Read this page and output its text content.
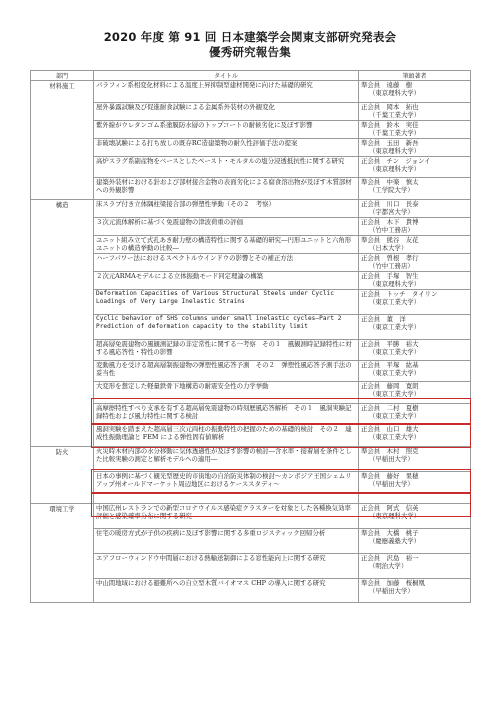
2020 年度 第 91 回 日本建築学会関東支部研究発表会
優秀研究報告集
部門	タイトル	筆頭著者
材料施工	パラフィン系相変化材料による温度上昇抑制型建材開発に向けた基礎的研究	準会員　遠藤　樹
（東京理科大学）

	屋外暴露試験及び促進耐食試験による金属系外装材の外観変化	正会員　岡本　拓也
（千葉工業大学）

	紫外線がウレタンゴム系塗膜防水層のトップコートの耐候劣化に及ぼす影響	準会員　鈴木　実佳
（千葉工業大学）

	非破壊試験による打ち放しの既存RC造建築物の耐久性評価手法の提案	準会員　玉田　新吾
（東京理科大学）

	高炉スラグ系副産物をベースとしたペースト・モルタルの塩分浸透抵抗性に関する研究	正会員　チン　ジョンイ
（東京理科大学）

	建築外装材における針および部材接合金物の表面劣化による腐食溶出物が及ぼす木質部材への外観影響	準会員　中楽　慎太
（工学院大学）

構造	床スラブ付き立体隅柱梁接合部の弾塑性挙動（その２　考察）	正会員　川口　長泰
（宇都宮大学）

	３次元流体解析に基づく免震建物の津波荷重の評価	正会員　木下　貴博
（竹中工務店）

	ユニット組み立て式孔あき耐力壁の構造特性に関する基礎的研究―円形ユニットと六角形ユニットの構造挙動の比較―	準会員　熊谷　友花
（日本大学）

	ハーフパワー法におけるスペクトルウインドウの影響とその補正方法	正会員　曽根　孝行
（竹中工務店）

	２次元ARMAモデルによる立体振動モード同定理論の構築	正会員　手塚　智生
（東京理科大学）

	Deformation Capacities of Various Structural Steels under Cyclic Loadings of Very Large Inelastic Strains	正会員　トッチ　タイリン
（東京工業大学）

	Cyclic behavior of SHS columns under small inelastic cycles—Part 2 Prediction of deformation capacity to the stability limit	正会員　董　洋
（東京工業大学）

	超高層免震建物の風観測記録の非定常性に関する一考察　その１　風観測時記録特性に対する風応答性・特性の影響	正会員　平勝　裕大
（東京工業大学）

	変動風力を受ける超高層制振建物の弾塑性風応答予測　その２　弾塑性風応答予測手法の妥当性	正会員　平塚　紘基
（東京工業大学）

	大変形を想定した軽量鉄骨下地構造の耐震安全性の力学挙動	正会員　藤岡　寛朗
（東京工業大学）

	高摩擦特性すべり支承を有する超高層免震建物の時刻歴風応答解析　その１　風洞実験記録特性および風力特性に関する検討	正会員　二村　夏樹
（東京工業大学）

	風洞実験を踏まえた超高層三次元両柱の振動特性の把握のための基礎的検討　その２　連成性振動理論と FEM による弾性固有値解析	正会員　山口　雄大
（東京工業大学）

防火	火災時木材内部の水分移動に気体透過性が及ぼす影響の検討―含水率・接着層を条件とした比較実験の測定と解析モデルへの適用―	準会員　木村　照克
（早稲田大学）

	日本の事例に基づく観光型歴史的市街地の自治防災体制の検討〜カンボジア王国シェムリアップ州オールドマーケット周辺地区におけるケーススタディ〜	準会員　藤好　果穂
（早稲田大学）

環境工学	中国広州レストランでの新型コロナウイルス感染症クラスターを対象とした各種換気効率評価と感染確率分布に関する研究	正会員　阿式　信英
（東京理科大学）

	住宅の暖房方式が子供の疾病に及ぼす影響に関する多重ロジスティック回帰分析	準会員　大橋　桃子
（慶應義塾大学）

	エアフローウィンドウ中間層における熱輸送制御による窓性能向上に関する研究	正会員　沢島　裕一
（明治大学）

	中山間地域における避難所への自立型木質バイオマス CHP の導入に関する研究	準会員　加藤　桜桐凰
（早稲田大学）
